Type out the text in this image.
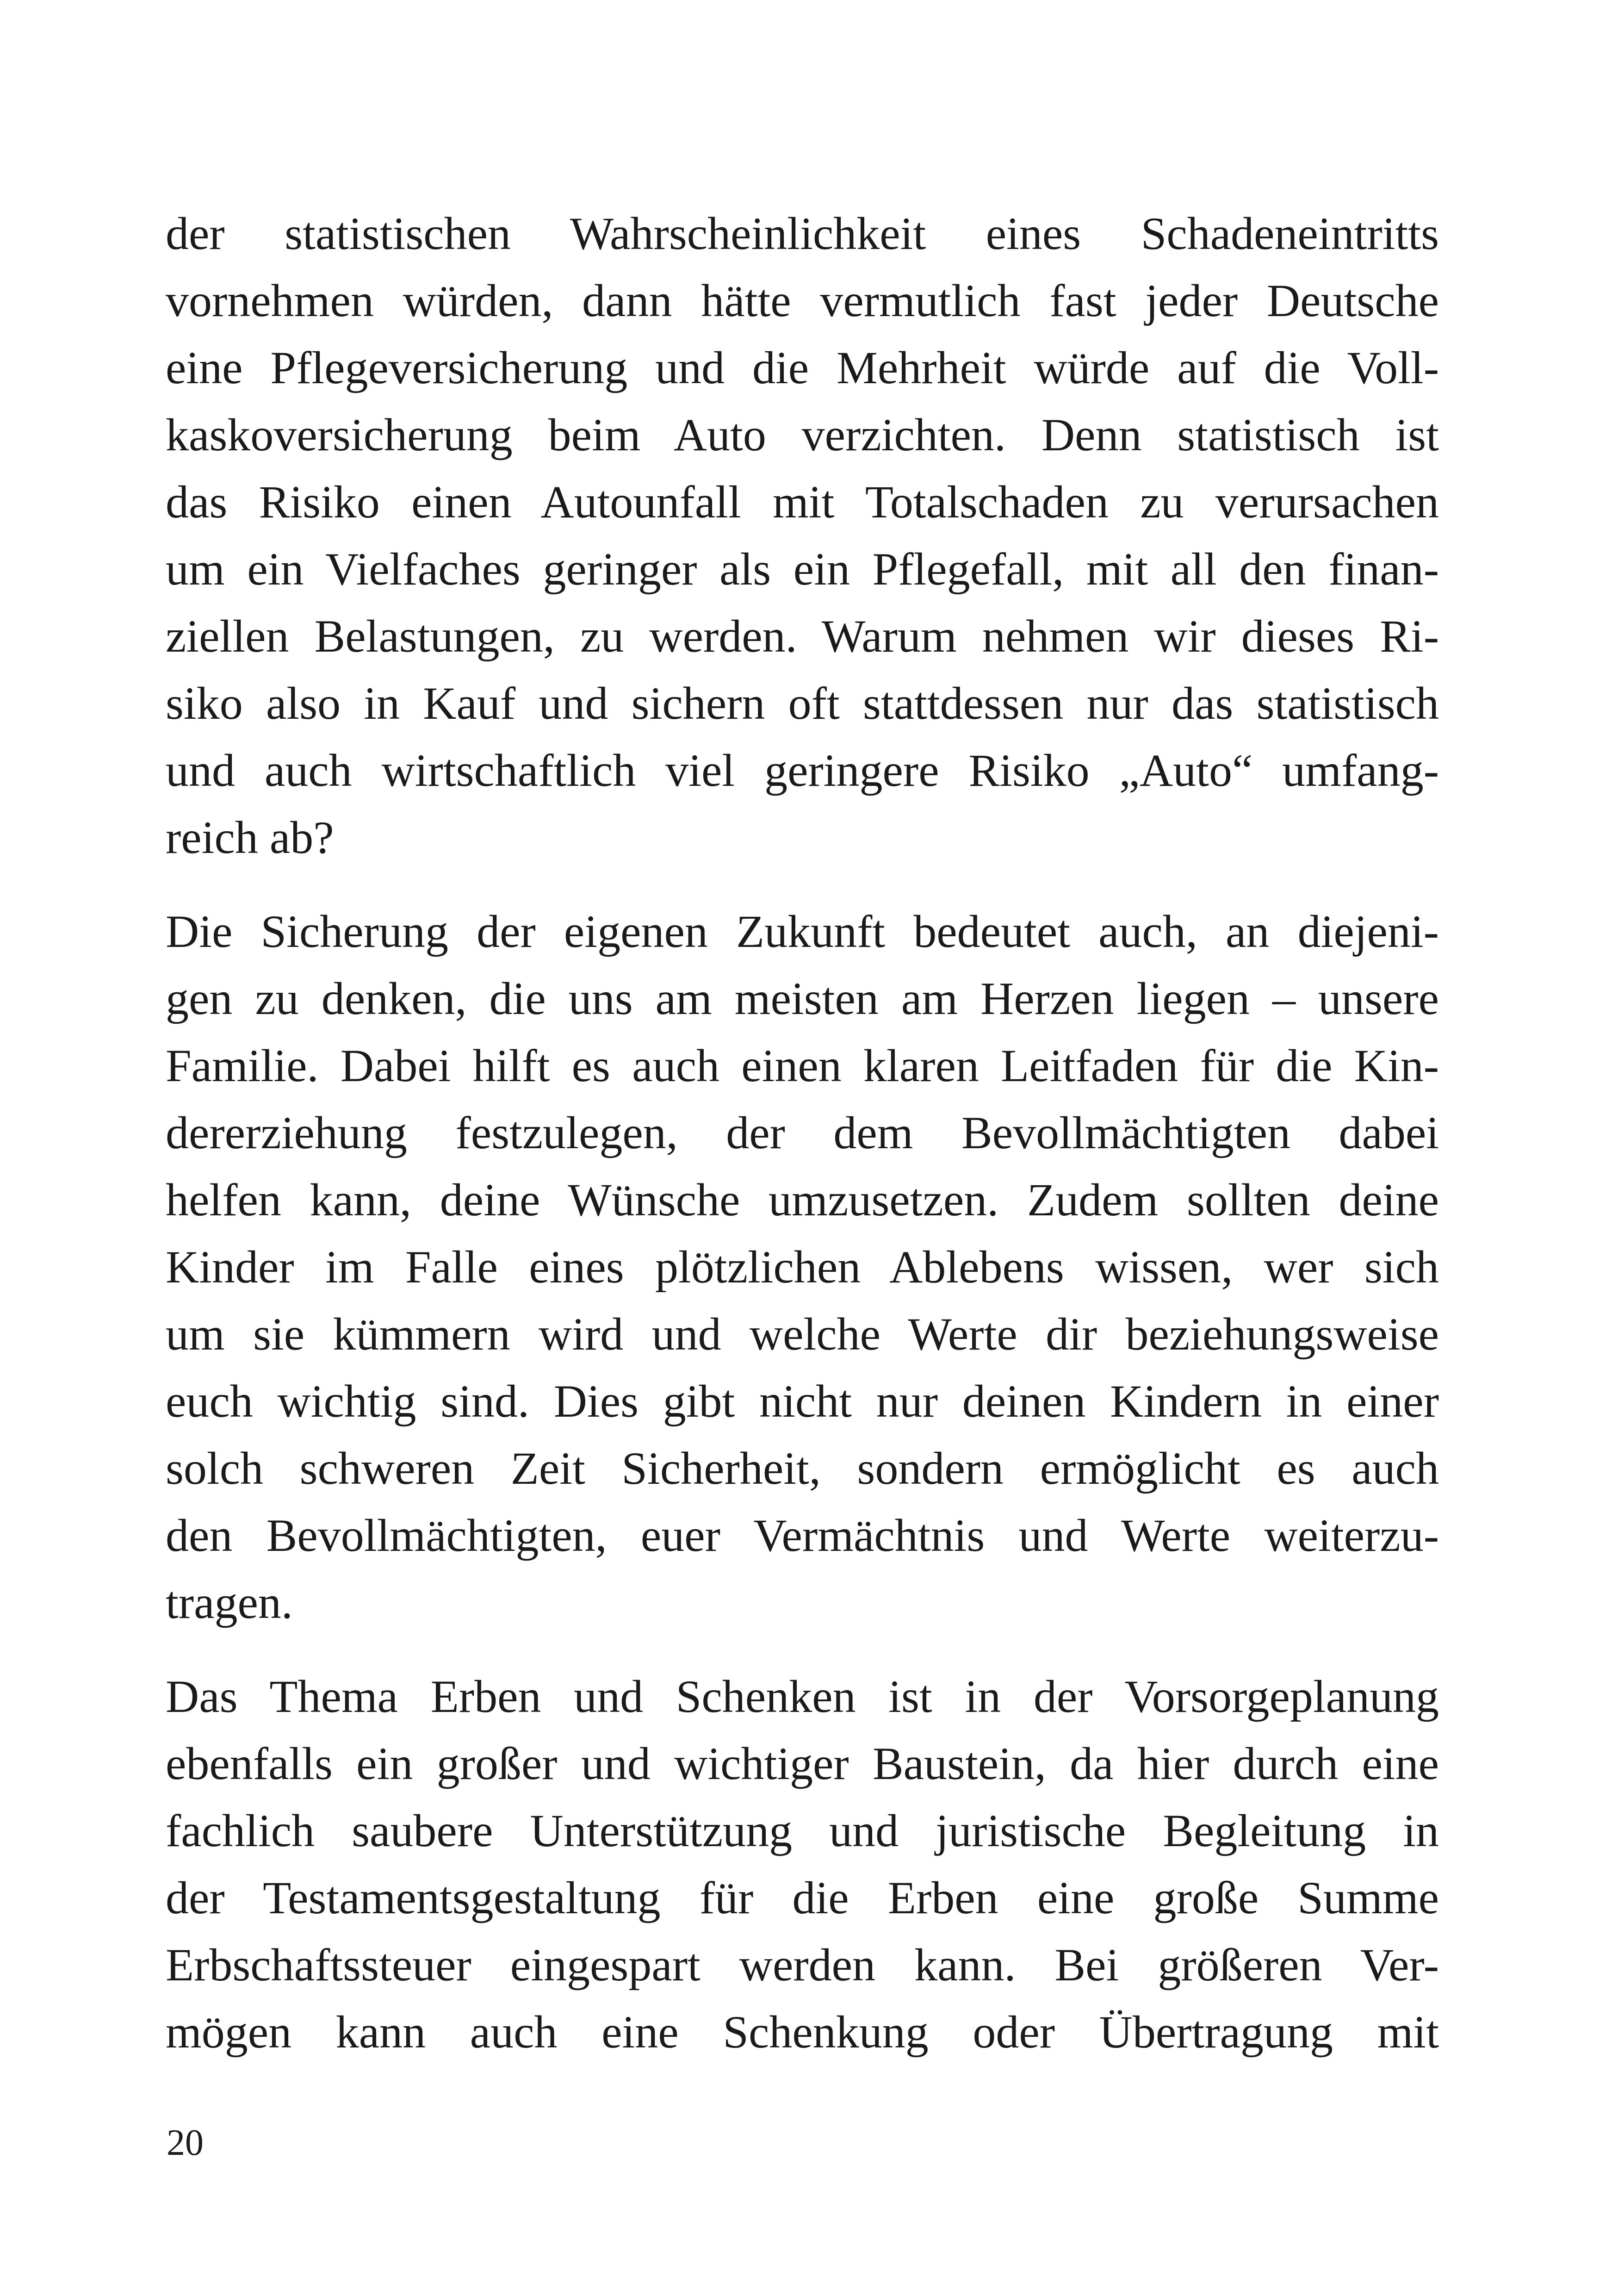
der statistischen Wahrscheinlichkeit eines Schadeneintritts
vornehmen würden, dann hätte vermutlich fast jeder Deutsche
eine Pflegeversicherung und die Mehrheit würde auf die Voll-
kaskoversicherung beim Auto verzichten. Denn statistisch ist
das Risiko einen Autounfall mit Totalschaden zu verursachen
um ein Vielfaches geringer als ein Pflegefall, mit all den finan-
ziellen Belastungen, zu werden. Warum nehmen wir dieses Ri-
siko also in Kauf und sichern oft stattdessen nur das statistisch
und auch wirtschaftlich viel geringere Risiko „Auto“ umfang-
reich ab?
Die Sicherung der eigenen Zukunft bedeutet auch, an diejeni-
gen zu denken, die uns am meisten am Herzen liegen – unsere
Familie. Dabei hilft es auch einen klaren Leitfaden für die Kin-
dererziehung festzulegen, der dem Bevollmächtigten dabei
helfen kann, deine Wünsche umzusetzen. Zudem sollten deine
Kinder im Falle eines plötzlichen Ablebens wissen, wer sich
um sie kümmern wird und welche Werte dir beziehungsweise
euch wichtig sind. Dies gibt nicht nur deinen Kindern in einer
solch schweren Zeit Sicherheit, sondern ermöglicht es auch
den Bevollmächtigten, euer Vermächtnis und Werte weiterzu-
tragen.
Das Thema Erben und Schenken ist in der Vorsorgeplanung
ebenfalls ein großer und wichtiger Baustein, da hier durch eine
fachlich saubere Unterstützung und juristische Begleitung in
der Testamentsgestaltung für die Erben eine große Summe
Erbschaftssteuer eingespart werden kann. Bei größeren Ver-
mögen kann auch eine Schenkung oder Übertragung mit
20
